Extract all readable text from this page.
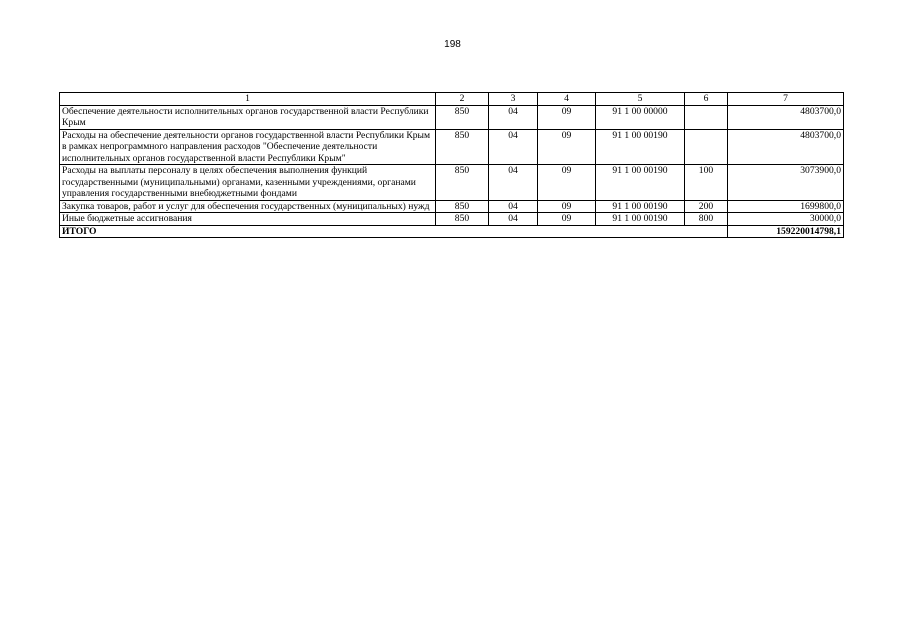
198
1	2	3	4	5	6	7
Обеспечение деятельности исполнительных органов государственной власти Республики Крым	850	04	09	91 1 00 00000		4803700,0
Расходы на обеспечение деятельности органов государственной власти Республики Крым в рамках непрограммного направления расходов "Обеспечение деятельности исполнительных органов государственной власти Республики Крым"	850	04	09	91 1 00 00190		4803700,0
Расходы на выплаты персоналу в целях обеспечения выполнения функций государственными (муниципальными) органами, казенными учреждениями, органами управления государственными внебюджетными фондами	850	04	09	91 1 00 00190	100	3073900,0
Закупка товаров, работ и услуг для обеспечения государственных (муниципальных) нужд	850	04	09	91 1 00 00190	200	1699800,0
Иные бюджетные ассигнования	850	04	09	91 1 00 00190	800	30000,0
ИТОГО						159220014798,1
